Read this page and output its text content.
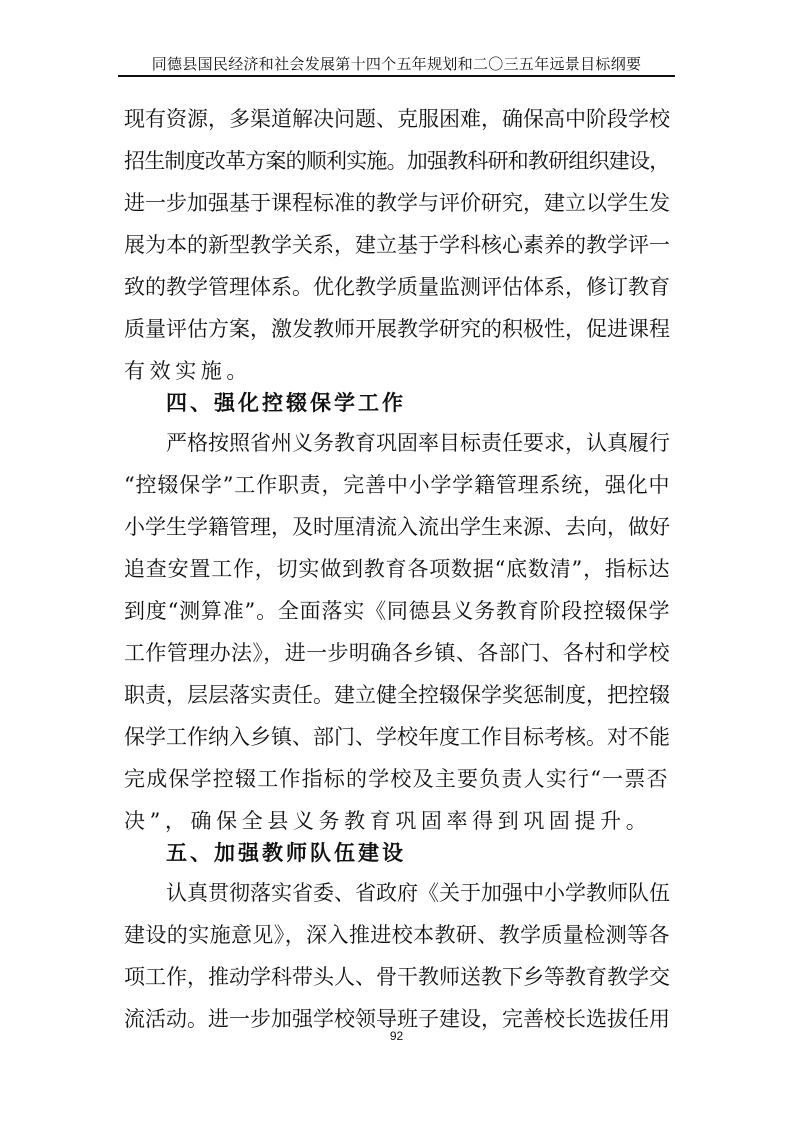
同德县国民经济和社会发展第十四个五年规划和二〇三五年远景目标纲要
现有资源，多渠道解决问题、克服困难，确保高中阶段学校
招生制度改革方案的顺利实施。加强教科研和教研组织建设，
进一步加强基于课程标准的教学与评价研究，建立以学生发
展为本的新型教学关系，建立基于学科核心素养的教学评一
致的教学管理体系。优化教学质量监测评估体系，修订教育
质量评估方案，激发教师开展教学研究的积极性，促进课程
有效实施。
四、强化控辍保学工作
严格按照省州义务教育巩固率目标责任要求，认真履行
“控辍保学”工作职责，完善中小学学籍管理系统，强化中
小学生学籍管理，及时厘清流入流出学生来源、去向，做好
追查安置工作，切实做到教育各项数据“底数清”，指标达
到度“测算准”。全面落实《同德县义务教育阶段控辍保学
工作管理办法》，进一步明确各乡镇、各部门、各村和学校
职责，层层落实责任。建立健全控辍保学奖惩制度，把控辍
保学工作纳入乡镇、部门、学校年度工作目标考核。对不能
完成保学控辍工作指标的学校及主要负责人实行“一票否
决”，确保全县义务教育巩固率得到巩固提升。
五、加强教师队伍建设
认真贯彻落实省委、省政府《关于加强中小学教师队伍
建设的实施意见》，深入推进校本教研、教学质量检测等各
项工作，推动学科带头人、骨干教师送教下乡等教育教学交
流活动。进一步加强学校领导班子建设，完善校长选拔任用
92
